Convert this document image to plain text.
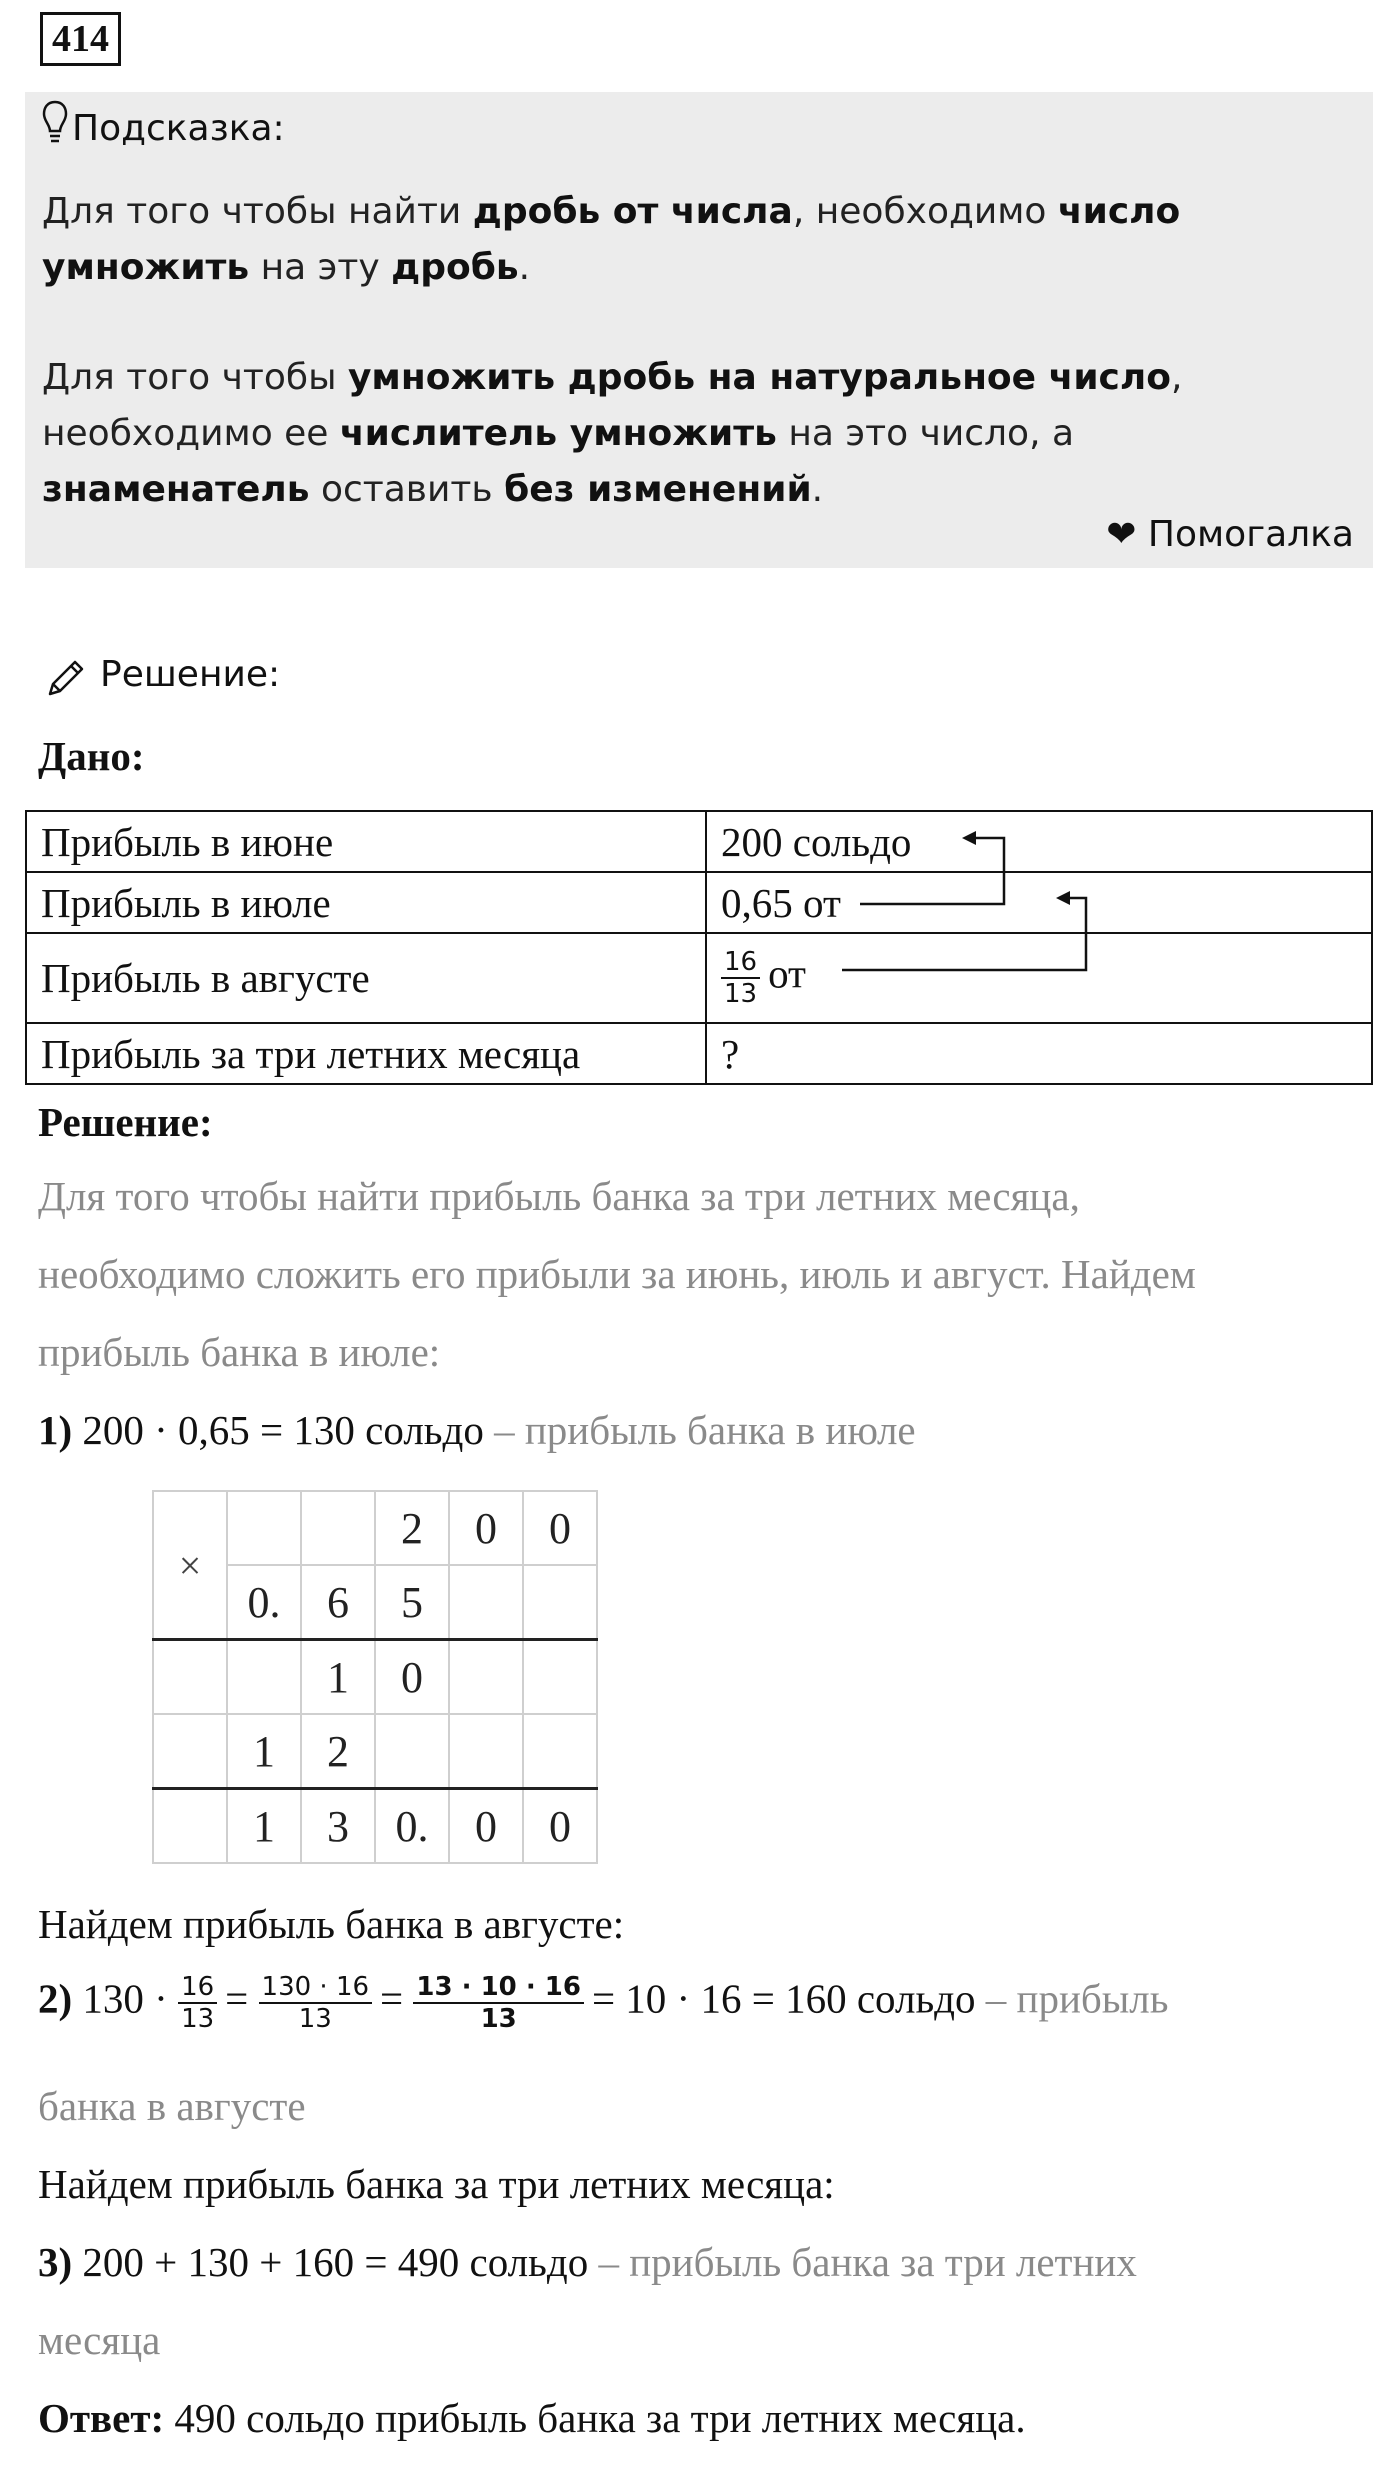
414
Подсказка:

Для того чтобы найти дробь от числа, необходимо число умножить на эту дробь.

Для того чтобы умножить дробь на натуральное число, необходимо ее числитель умножить на это число, а знаменатель оставить без изменений.

❤ Помогалка
Решение:
Дано:
Прибыль в июне	200 сольдо
Прибыль в июле	0,65 от
Прибыль в августе	$\frac{16}{13}$ от
Прибыль за три летних месяца	?
Решение:
Для того чтобы найти прибыль банка за три летних месяца,
необходимо сложить его прибыли за июнь, июль и август. Найдем
прибыль банка в июле:
1) 200 · 0,65 = 130 сольдо – прибыль банка в июле
×			2	0	0
	0.	6	5		
		1	0		
	1	2			
	1	3	0.	0	0
Найдем прибыль банка в августе:
2) $130 \cdot \frac{16}{13} = \frac{130 \cdot 16}{13} = \frac{13 \cdot 10 \cdot 16}{13} = 10 \cdot 16 = 160$ сольдо – прибыль
банка в августе
Найдем прибыль банка за три летних месяца:
3) 200 + 130 + 160 = 490 сольдо – прибыль банка за три летних
месяца
Ответ: 490 сольдо прибыль банка за три летних месяца.
